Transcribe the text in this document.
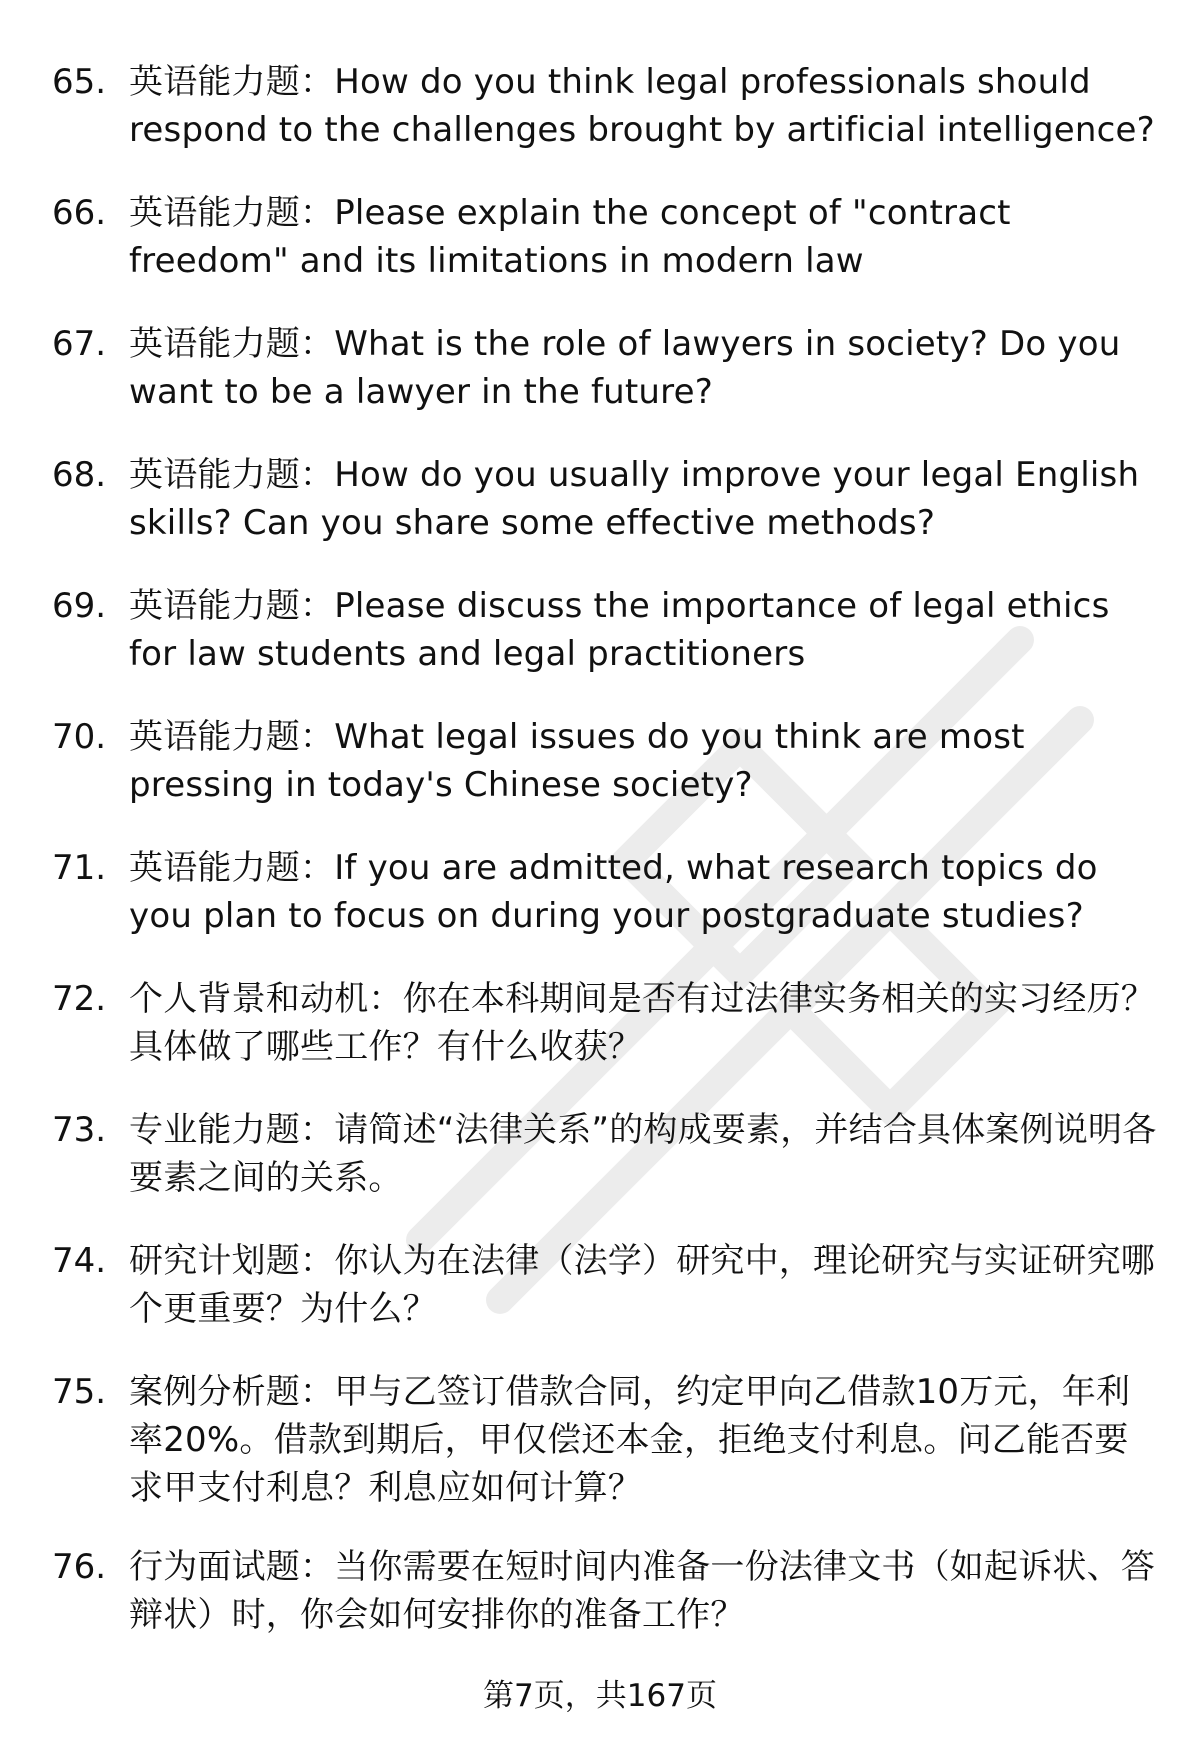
65. 英语能力题：How do you think legal professionals should respond to the challenges brought by artificial intelligence?
66. 英语能力题：Please explain the concept of "contract freedom" and its limitations in modern law
67. 英语能力题：What is the role of lawyers in society? Do you want to be a lawyer in the future?
68. 英语能力题：How do you usually improve your legal English skills? Can you share some effective methods?
69. 英语能力题：Please discuss the importance of legal ethics for law students and legal practitioners
70. 英语能力题：What legal issues do you think are most pressing in today's Chinese society?
71. 英语能力题：If you are admitted, what research topics do you plan to focus on during your postgraduate studies?
72. 个人背景和动机：你在本科期间是否有过法律实务相关的实习经历？具体做了哪些工作？有什么收获？
73. 专业能力题：请简述“法律关系”的构成要素，并结合具体案例说明各要素之间的关系。
74. 研究计划题：你认为在法律（法学）研究中，理论研究与实证研究哪个更重要？为什么？
75. 案例分析题：甲与乙签订借款合同，约定甲向乙借款10万元，年利率20%。借款到期后，甲仅偿还本金，拒绝支付利息。问乙能否要求甲支付利息？利息应如何计算？
76. 行为面试题：当你需要在短时间内准备一份法律文书（如起诉状、答辩状）时，你会如何安排你的准备工作？
第7页，共167页
